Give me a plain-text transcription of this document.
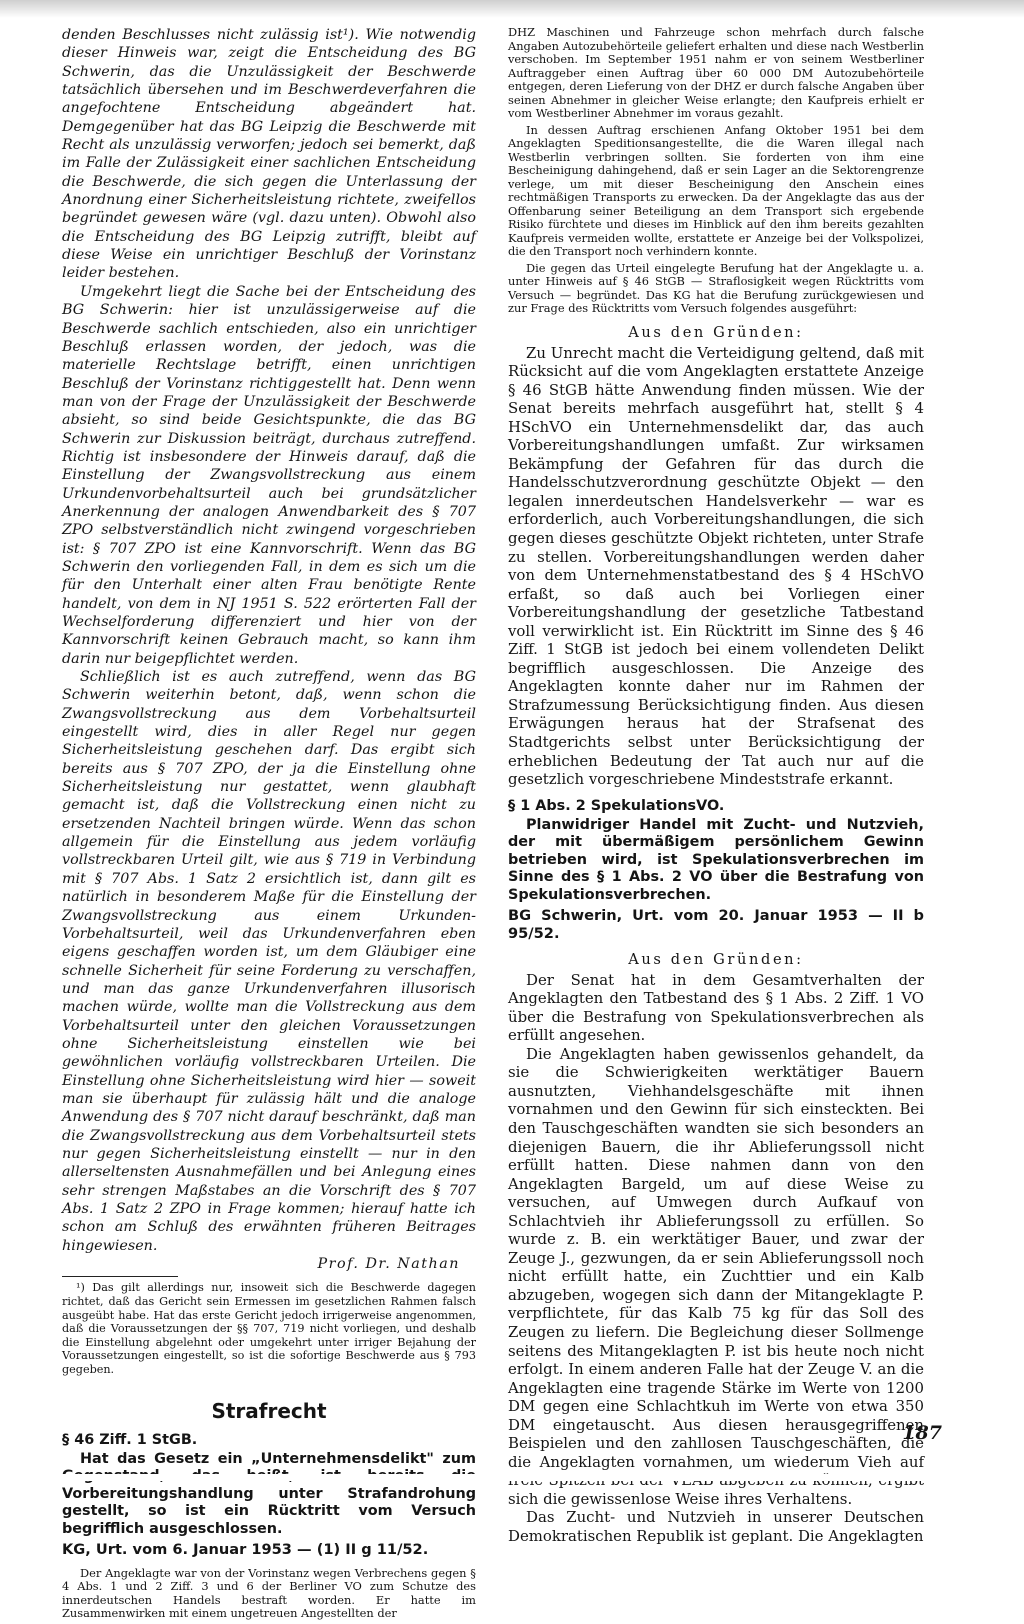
denden Beschlusses nicht zulässig ist¹). Wie notwendig dieser Hinweis war, zeigt die Entscheidung des BG Schwerin, das die Unzulässigkeit der Beschwerde tatsächlich übersehen und im Beschwerdeverfahren die angefochtene Entscheidung abgeändert hat. Demgegenüber hat das BG Leipzig die Beschwerde mit Recht als unzulässig verworfen; jedoch sei bemerkt, daß im Falle der Zulässigkeit einer sachlichen Entscheidung die Beschwerde, die sich gegen die Unterlassung der Anordnung einer Sicherheitsleistung richtete, zweifellos begründet gewesen wäre (vgl. dazu unten). Obwohl also die Entscheidung des BG Leipzig zutrifft, bleibt auf diese Weise ein unrichtiger Beschluß der Vorinstanz leider bestehen.

Umgekehrt liegt die Sache bei der Entscheidung des BG Schwerin: hier ist unzulässigerweise auf die Beschwerde sachlich entschieden, also ein unrichtiger Beschluß erlassen worden, der jedoch, was die materielle Rechtslage betrifft, einen unrichtigen Beschluß der Vorinstanz richtiggestellt hat. Denn wenn man von der Frage der Unzulässigkeit der Beschwerde absieht, so sind beide Gesichtspunkte, die das BG Schwerin zur Diskussion beiträgt, durchaus zutreffend. Richtig ist insbesondere der Hinweis darauf, daß die Einstellung der Zwangsvollstreckung aus einem Urkundenvorbehaltsurteil auch bei grundsätzlicher Anerkennung der analogen Anwendbarkeit des § 707 ZPO selbstverständlich nicht zwingend vorgeschrieben ist: § 707 ZPO ist eine Kannvorschrift. Wenn das BG Schwerin den vorliegenden Fall, in dem es sich um die für den Unterhalt einer alten Frau benötigte Rente handelt, von dem in NJ 1951 S. 522 erörterten Fall der Wechselforderung differenziert und hier von der Kannvorschrift keinen Gebrauch macht, so kann ihm darin nur beigepflichtet werden.

Schließlich ist es auch zutreffend, wenn das BG Schwerin weiterhin betont, daß, wenn schon die Zwangsvollstreckung aus dem Vorbehaltsurteil eingestellt wird, dies in aller Regel nur gegen Sicherheitsleistung geschehen darf. Das ergibt sich bereits aus § 707 ZPO, der ja die Einstellung ohne Sicherheitsleistung nur gestattet, wenn glaubhaft gemacht ist, daß die Vollstreckung einen nicht zu ersetzenden Nachteil bringen würde. Wenn das schon allgemein für die Einstellung aus jedem vorläufig vollstreckbaren Urteil gilt, wie aus § 719 in Verbindung mit § 707 Abs. 1 Satz 2 ersichtlich ist, dann gilt es natürlich in besonderem Maße für die Einstellung der Zwangsvollstreckung aus einem Urkunden-Vorbehaltsurteil, weil das Urkundenverfahren eben eigens geschaffen worden ist, um dem Gläubiger eine schnelle Sicherheit für seine Forderung zu verschaffen, und man das ganze Urkundenverfahren illusorisch machen würde, wollte man die Vollstreckung aus dem Vorbehaltsurteil unter den gleichen Voraussetzungen ohne Sicherheitsleistung einstellen wie bei gewöhnlichen vorläufig vollstreckbaren Urteilen. Die Einstellung ohne Sicherheitsleistung wird hier — soweit man sie überhaupt für zulässig hält und die analoge Anwendung des § 707 nicht darauf beschränkt, daß man die Zwangsvollstreckung aus dem Vorbehaltsurteil stets nur gegen Sicherheitsleistung einstellt — nur in den allerseltensten Ausnahmefällen und bei Anlegung eines sehr strengen Maßstabes an die Vorschrift des § 707 Abs. 1 Satz 2 ZPO in Frage kommen; hierauf hatte ich schon am Schluß des erwähnten früheren Beitrages hingewiesen.

Prof. Dr. Nathan

¹) Das gilt allerdings nur, insoweit sich die Beschwerde dagegen richtet, daß das Gericht sein Ermessen im gesetzlichen Rahmen falsch ausgeübt habe. Hat das erste Gericht jedoch irrigerweise angenommen, daß die Voraussetzungen der §§ 707, 719 nicht vorliegen, und deshalb die Einstellung abgelehnt oder umgekehrt unter irriger Bejahung der Voraussetzungen eingestellt, so ist die sofortige Beschwerde aus § 793 gegeben.

Strafrecht

§ 46 Ziff. 1 StGB.

Hat das Gesetz ein „Unternehmensdelikt" zum Vorbereitungshandlung unter Strafandrohung gestellt, so ist ein Rücktritt vom Versuch begrifflich ausgeschlossen.

KG, Urt. vom 6. Januar 1953 — (1) II g 11/52.

Der Angeklagte war von der Vorinstanz wegen Verbrechens gegen § 4 Abs. 1 und 2 Ziff. 3 und 6 der Berliner VO zum Schutze des innerdeutschen Handels bestraft worden. Er hatte im Zusammenwirken mit einem ungetreuen Angestellten der

DHZ Maschinen und Fahrzeuge schon mehrfach durch falsche Angaben Autozubehörteile geliefert erhalten und diese nach Westberlin verschoben. Im September 1951 nahm er von seinem Westberliner Auftraggeber einen Auftrag über 60 000 DM Autozubehörteile entgegen, deren Lieferung von der DHZ er durch falsche Angaben über seinen Abnehmer in gleicher Weise erlangte; den Kaufpreis erhielt er vom Westberliner Abnehmer im voraus gezahlt.

In dessen Auftrag erschienen Anfang Oktober 1951 bei dem Angeklagten Speditionsangestellte, die die Waren illegal nach Westberlin verbringen sollten. Sie forderten von ihm eine Bescheinigung dahingehend, daß er sein Lager an die Sektorengrenze verlege, um mit dieser Bescheinigung den Anschein eines rechtmäßigen Transports zu erwecken. Da der Angeklagte das aus der Offenbarung seiner Beteiligung an dem Transport sich ergebende Risiko fürchtete und dieses im Hinblick auf den ihm bereits gezahlten Kaufpreis vermeiden wollte, erstattete er Anzeige bei der Volkspolizei, die den Transport noch verhindern konnte.

Die gegen das Urteil eingelegte Berufung hat der Angeklagte u. a. unter Hinweis auf § 46 StGB — Straflosigkeit wegen Rücktritts vom Versuch — begründet. Das KG hat die Berufung zurückgewiesen und zur Frage des Rücktritts vom Versuch folgendes ausgeführt:

Aus den Gründen:

Zu Unrecht macht die Verteidigung geltend, daß mit Rücksicht auf die vom Angeklagten erstattete Anzeige § 46 StGB hätte Anwendung finden müssen. Wie der Senat bereits mehrfach ausgeführt hat, stellt § 4 HSchVO ein Unternehmensdelikt dar, das auch Vorbereitungshandlungen umfaßt. Zur wirksamen Bekämpfung der Gefahren für das durch die Handelsschutzverordnung geschützte Objekt — den legalen innerdeutschen Handelsverkehr — war es erforderlich, auch Vorbereitungshandlungen, die sich gegen dieses geschützte Objekt richteten, unter Strafe zu stellen. Vorbereitungshandlungen werden daher von dem Unternehmenstatbestand des § 4 HSchVO erfaßt, so daß auch bei Vorliegen einer Vorbereitungshandlung der gesetzliche Tatbestand voll verwirklicht ist. Ein Rücktritt im Sinne des § 46 Ziff. 1 StGB ist jedoch bei einem vollendeten Delikt begrifflich ausgeschlossen. Die Anzeige des Angeklagten konnte daher nur im Rahmen der Strafzumessung Berücksichtigung finden. Aus diesen Erwägungen heraus hat der Strafsenat des Stadtgerichts selbst unter Berücksichtigung der erheblichen Bedeutung der Tat auch nur auf die gesetzlich vorgeschriebene Mindeststrafe erkannt.

§ 1 Abs. 2 SpekulationsVO.

Planwidriger Handel mit Zucht- und Nutzvieh, der mit übermäßigem persönlichem Gewinn betrieben wird, ist Spekulationsverbrechen im Sinne des § 1 Abs. 2 VO über die Bestrafung von Spekulationsverbrechen.

BG Schwerin, Urt. vom 20. Januar 1953 — II b 95/52.

Aus den Gründen:

Der Senat hat in dem Gesamtverhalten der Angeklagten den Tatbestand des § 1 Abs. 2 Ziff. 1 VO über die Bestrafung von Spekulationsverbrechen als erfüllt angesehen.

Die Angeklagten haben gewissenlos gehandelt, da sie die Schwierigkeiten werktätiger Bauern ausnutzten, Viehhandelsgeschäfte mit ihnen vornahmen und den Gewinn für sich einsteckten. Bei den Tauschgeschäften wandten sie sich besonders an diejenigen Bauern, die ihr Ablieferungssoll nicht erfüllt hatten. Diese nahmen dann von den Angeklagten Bargeld, um auf diese Weise zu versuchen, auf Umwegen durch Aufkauf von Schlachtvieh ihr Ablieferungssoll zu erfüllen. So wurde z. B. ein werktätiger Bauer, und zwar der Zeuge J., gezwungen, da er sein Ablieferungssoll noch nicht erfüllt hatte, ein Zuchttier und ein Kalb abzugeben, wogegen sich dann der Mitangeklagte P. verpflichtete, für das Kalb 75 kg für das Soll des Zeugen zu liefern. Die Begleichung dieser Sollmenge seitens des Mitangeklagten P. ist bis heute noch nicht erfolgt. In einem anderen Falle hat der Zeuge V. an die Angeklagten eine tragende Stärke im Werte von 1200 DM gegen eine Schlachtkuh im Werte von etwa 350 DM eingetauscht. Aus diesen herausgegriffenen Beispielen und den zahllosen Tauschgeschäften, die die Angeklagten vornahmen, um wiederum Vieh auf sich die gewissenlose Weise ihres Verhaltens.

Das Zucht- und Nutzvieh in unserer Deutschen Demokratischen Republik ist geplant. Die Angeklagten

187
